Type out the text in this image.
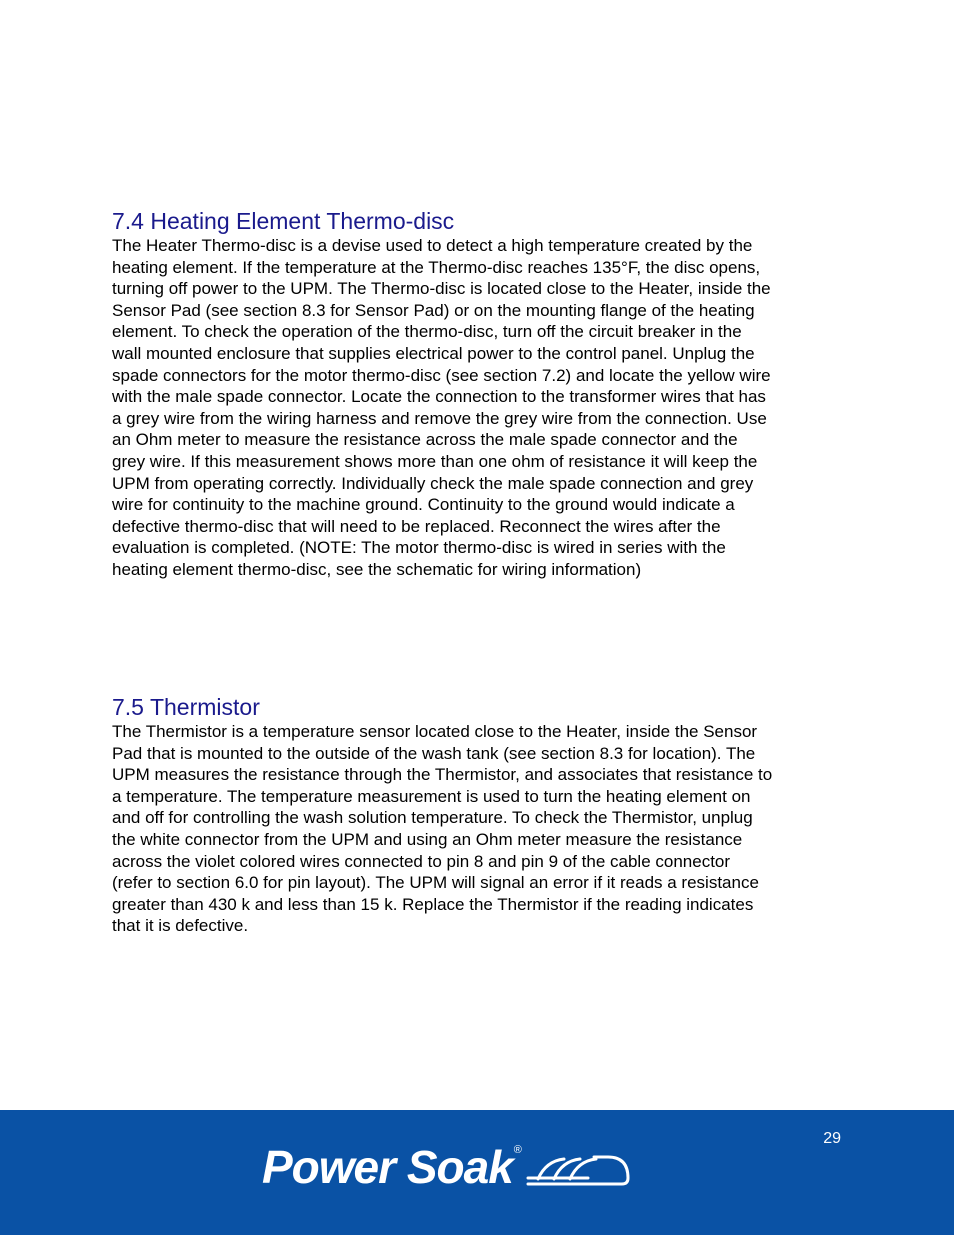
7.4 Heating Element Thermo-disc

The Heater Thermo-disc is a devise used to detect a high temperature created by the
heating element. If the temperature at the Thermo-disc reaches 135°F, the disc opens,
turning off power to the UPM. The Thermo-disc is located close to the Heater, inside the
Sensor Pad (see section 8.3 for Sensor Pad) or on the mounting flange of the heating
element. To check the operation of the thermo-disc, turn off the circuit breaker in the
wall mounted enclosure that supplies electrical power to the control panel. Unplug the
spade connectors for the motor thermo-disc (see section 7.2) and locate the yellow wire
with the male spade connector. Locate the connection to the transformer wires that has
a grey wire from the wiring harness and remove the grey wire from the connection. Use
an Ohm meter to measure the resistance across the male spade connector and the
grey wire. If this measurement shows more than one ohm of resistance it will keep the
UPM from operating correctly. Individually check the male spade connection and grey
wire for continuity to the machine ground. Continuity to the ground would indicate a
defective thermo-disc that will need to be replaced. Reconnect the wires after the
evaluation is completed. (NOTE: The motor thermo-disc is wired in series with the
heating element thermo-disc, see the schematic for wiring information)

7.5 Thermistor

The Thermistor is a temperature sensor located close to the Heater, inside the Sensor
Pad that is mounted to the outside of the wash tank (see section 8.3 for location). The
UPM measures the resistance through the Thermistor, and associates that resistance to
a temperature. The temperature measurement is used to turn the heating element on
and off for controlling the wash solution temperature. To check the Thermistor, unplug
the white connector from the UPM and using an Ohm meter measure the resistance
across the violet colored wires connected to pin 8 and pin 9 of the cable connector
(refer to section 6.0 for pin layout). The UPM will signal an error if it reads a resistance
greater than 430 k and less than 15 k. Replace the Thermistor if the reading indicates
that it is defective.

29
Power Soak ®
